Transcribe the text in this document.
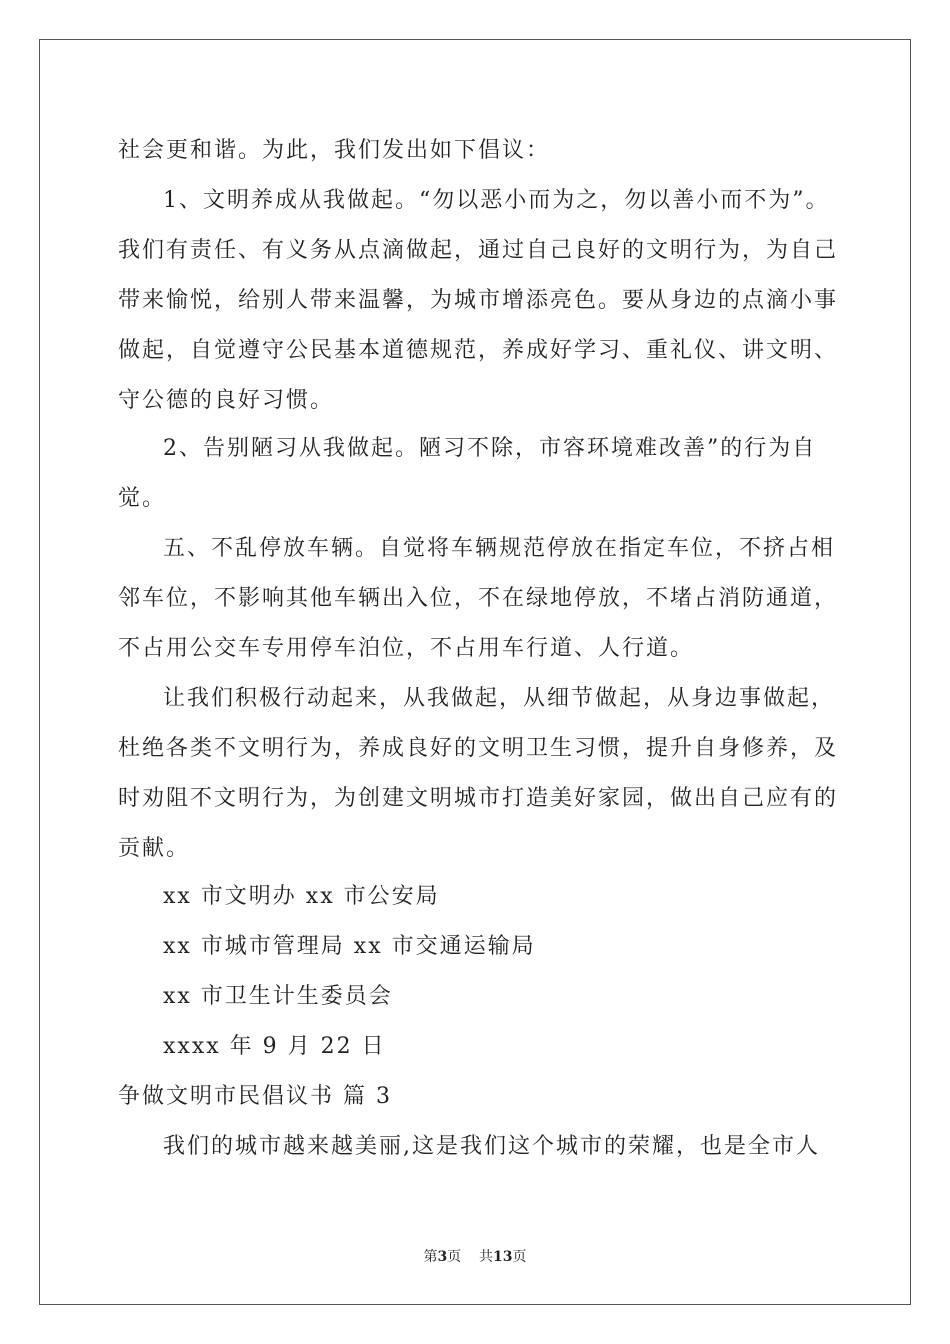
社会更和谐。为此，我们发出如下倡议：
1、文明养成从我做起。“勿以恶小而为之，勿以善小而不为”。
我们有责任、有义务从点滴做起，通过自己良好的文明行为，为自己
带来愉悦，给别人带来温馨，为城市增添亮色。要从身边的点滴小事
做起，自觉遵守公民基本道德规范，养成好学习、重礼仪、讲文明、
守公德的良好习惯。
2、告别陋习从我做起。陋习不除，市容环境难改善”的行为自
觉。
五、不乱停放车辆。自觉将车辆规范停放在指定车位，不挤占相
邻车位，不影响其他车辆出入位，不在绿地停放，不堵占消防通道，
不占用公交车专用停车泊位，不占用车行道、人行道。
让我们积极行动起来，从我做起，从细节做起，从身边事做起，
杜绝各类不文明行为，养成良好的文明卫生习惯，提升自身修养，及
时劝阻不文明行为，为创建文明城市打造美好家园，做出自己应有的
贡献。
xx 市文明办 xx 市公安局
xx 市城市管理局 xx 市交通运输局
xx 市卫生计生委员会
xxxx 年 9 月 22 日
争做文明市民倡议书 篇 3
我们的城市越来越美丽,这是我们这个城市的荣耀，也是全市人
第3页    共13页
